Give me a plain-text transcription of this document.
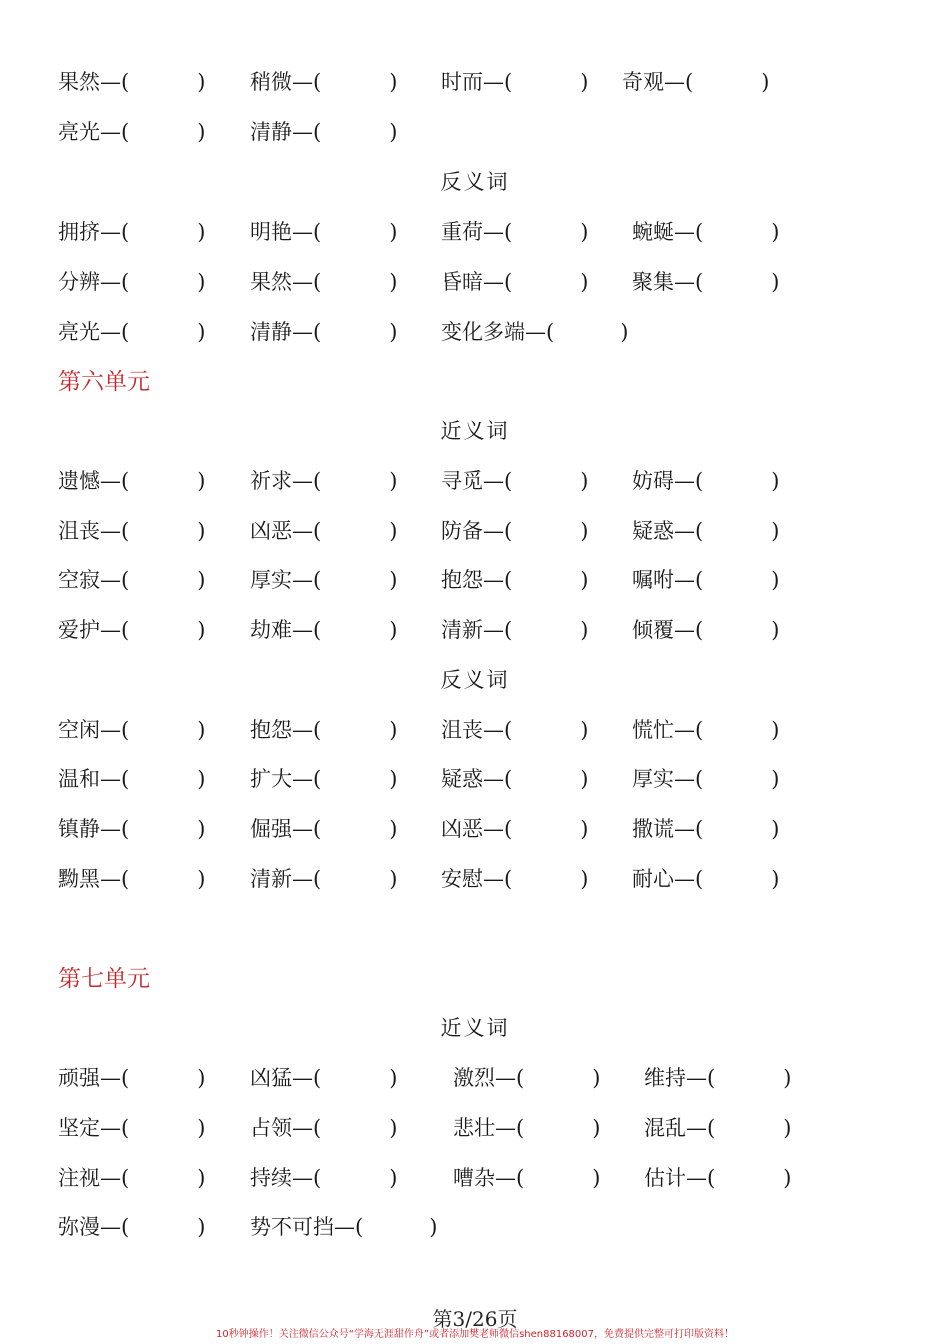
果然—(	) 稍微—(	) 时而—(	) 奇观—(	)
亮光—(	) 清静—(	)
反义词
拥挤—(	) 明艳—(	) 重荷—(	) 蜿蜒—(	)
分辨—(	) 果然—(	) 昏暗—(	) 聚集—(	)
亮光—(	) 清静—(	) 变化多端—(	)
第六单元
近义词
遗憾—(	) 祈求—(	) 寻觅—(	) 妨碍—(	)
沮丧—(	) 凶恶—(	) 防备—(	) 疑惑—(	)
空寂—(	) 厚实—(	) 抱怨—(	) 嘱咐—(	)
爱护—(	) 劫难—(	) 清新—(	) 倾覆—(	)
反义词
空闲—(	) 抱怨—(	) 沮丧—(	) 慌忙—(	)
温和—(	) 扩大—(	) 疑惑—(	) 厚实—(	)
镇静—(	) 倔强—(	) 凶恶—(	) 撒谎—(	)
黝黑—(	) 清新—(	) 安慰—(	) 耐心—(	)
第七单元
近义词
顽强—(	) 凶猛—(	)	激烈—(	) 维持—(	)
坚定—(	) 占领—(	)	悲壮—(	) 混乱—(	)
注视—(	) 持续—(	)	嘈杂—(	) 估计—(	)
弥漫—(	) 势不可挡—(	)
第3/26页
10秒钟操作！关注微信公众号“学海无涯甜作舟”或者添加樊老师微信shen88168007，免费提供完整可打印版资料！
